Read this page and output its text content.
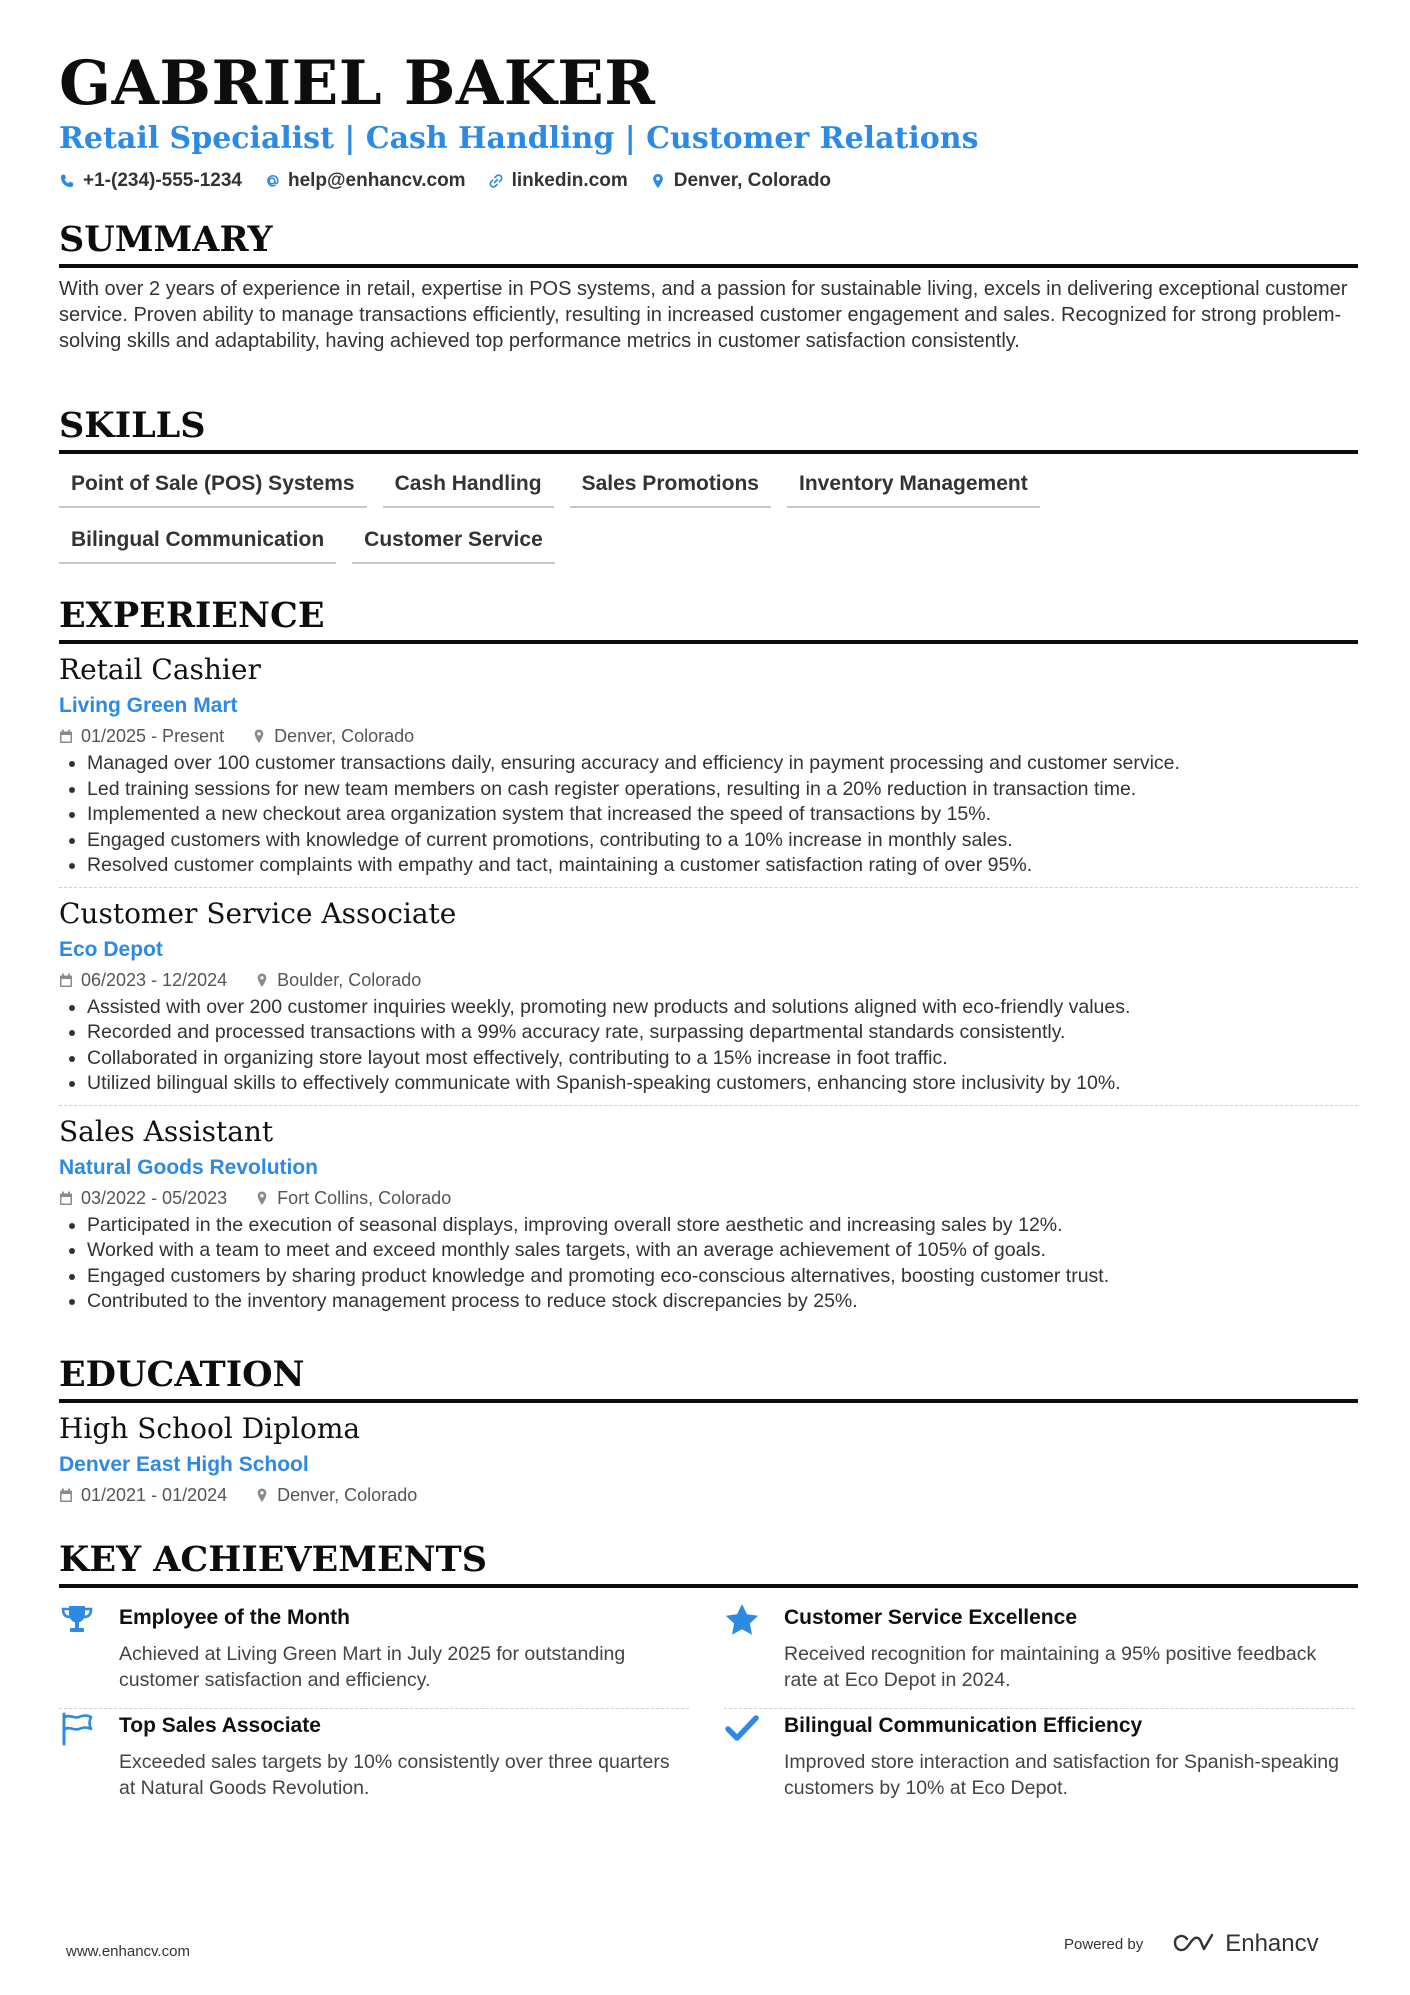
GABRIEL BAKER
Retail Specialist | Cash Handling | Customer Relations
+1-(234)-555-1234 help@enhancv.com linkedin.com Denver, Colorado
SUMMARY
With over 2 years of experience in retail, expertise in POS systems, and a passion for sustainable living, excels in delivering exceptional customer service. Proven ability to manage transactions efficiently, resulting in increased customer engagement and sales. Recognized for strong problem-solving skills and adaptability, having achieved top performance metrics in customer satisfaction consistently.
SKILLS
Point of Sale (POS) Systems	Cash Handling	Sales Promotions	Inventory Management
Bilingual Communication	Customer Service
EXPERIENCE
Retail Cashier
Living Green Mart
01/2025 - Present	Denver, Colorado
• Managed over 100 customer transactions daily, ensuring accuracy and efficiency in payment processing and customer service.
• Led training sessions for new team members on cash register operations, resulting in a 20% reduction in transaction time.
• Implemented a new checkout area organization system that increased the speed of transactions by 15%.
• Engaged customers with knowledge of current promotions, contributing to a 10% increase in monthly sales.
• Resolved customer complaints with empathy and tact, maintaining a customer satisfaction rating of over 95%.
Customer Service Associate
Eco Depot
06/2023 - 12/2024	Boulder, Colorado
• Assisted with over 200 customer inquiries weekly, promoting new products and solutions aligned with eco-friendly values.
• Recorded and processed transactions with a 99% accuracy rate, surpassing departmental standards consistently.
• Collaborated in organizing store layout most effectively, contributing to a 15% increase in foot traffic.
• Utilized bilingual skills to effectively communicate with Spanish-speaking customers, enhancing store inclusivity by 10%.
Sales Assistant
Natural Goods Revolution
03/2022 - 05/2023	Fort Collins, Colorado
• Participated in the execution of seasonal displays, improving overall store aesthetic and increasing sales by 12%.
• Worked with a team to meet and exceed monthly sales targets, with an average achievement of 105% of goals.
• Engaged customers by sharing product knowledge and promoting eco-conscious alternatives, boosting customer trust.
• Contributed to the inventory management process to reduce stock discrepancies by 25%.
EDUCATION
High School Diploma
Denver East High School
01/2021 - 01/2024	Denver, Colorado
KEY ACHIEVEMENTS
Employee of the Month
Achieved at Living Green Mart in July 2025 for outstanding customer satisfaction and efficiency.
Customer Service Excellence
Received recognition for maintaining a 95% positive feedback rate at Eco Depot in 2024.
Top Sales Associate
Exceeded sales targets by 10% consistently over three quarters at Natural Goods Revolution.
Bilingual Communication Efficiency
Improved store interaction and satisfaction for Spanish-speaking customers by 10% at Eco Depot.
www.enhancv.com	Powered by	Enhancv
